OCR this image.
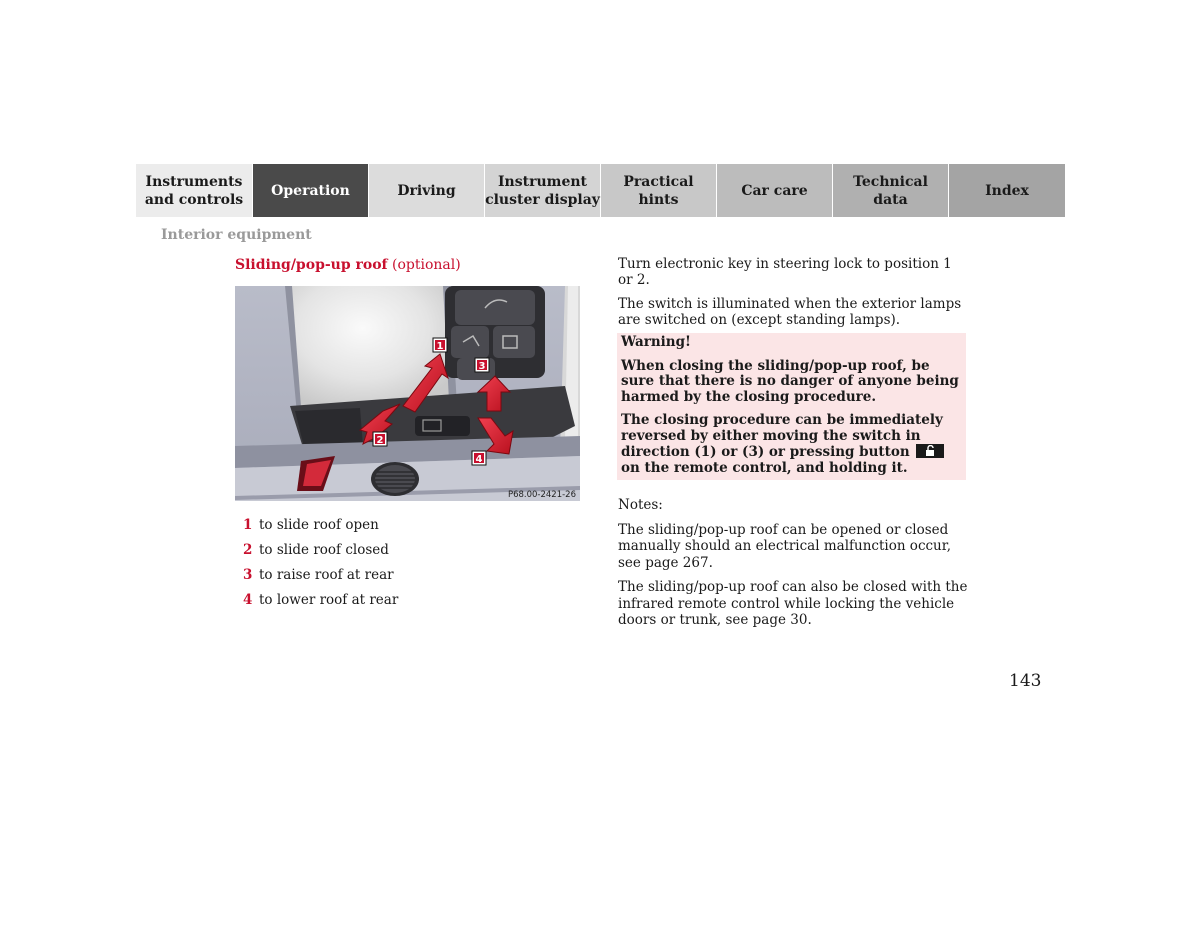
Instruments
and controls
Operation	Driving
Instrument
cluster display
Practical hints
Car care
Technical
data
Index
Interior equipment
Sliding/pop-up roof (optional)
1
2
3
4
P68.00-2421-26
1 to slide roof open
2 to slide roof closed
3 to raise roof at rear
4 to lower roof at rear

Turn electronic key in steering lock to position 1 or 2.

The switch is illuminated when the exterior lamps are switched on (except standing lamps).

Warning!

When closing the sliding/pop-up roof, be sure that there is no danger of anyone being harmed by the closing procedure.

The closing procedure can be immediately reversed by either moving the switch in direction (1) or (3) or pressing button
on the remote control, and holding it.

Notes:

The sliding/pop-up roof can be opened or closed manually should an electrical malfunction occur, see page 267.

The sliding/pop-up roof can also be closed with the infrared remote control while locking the vehicle doors or trunk, see page 30.

143
